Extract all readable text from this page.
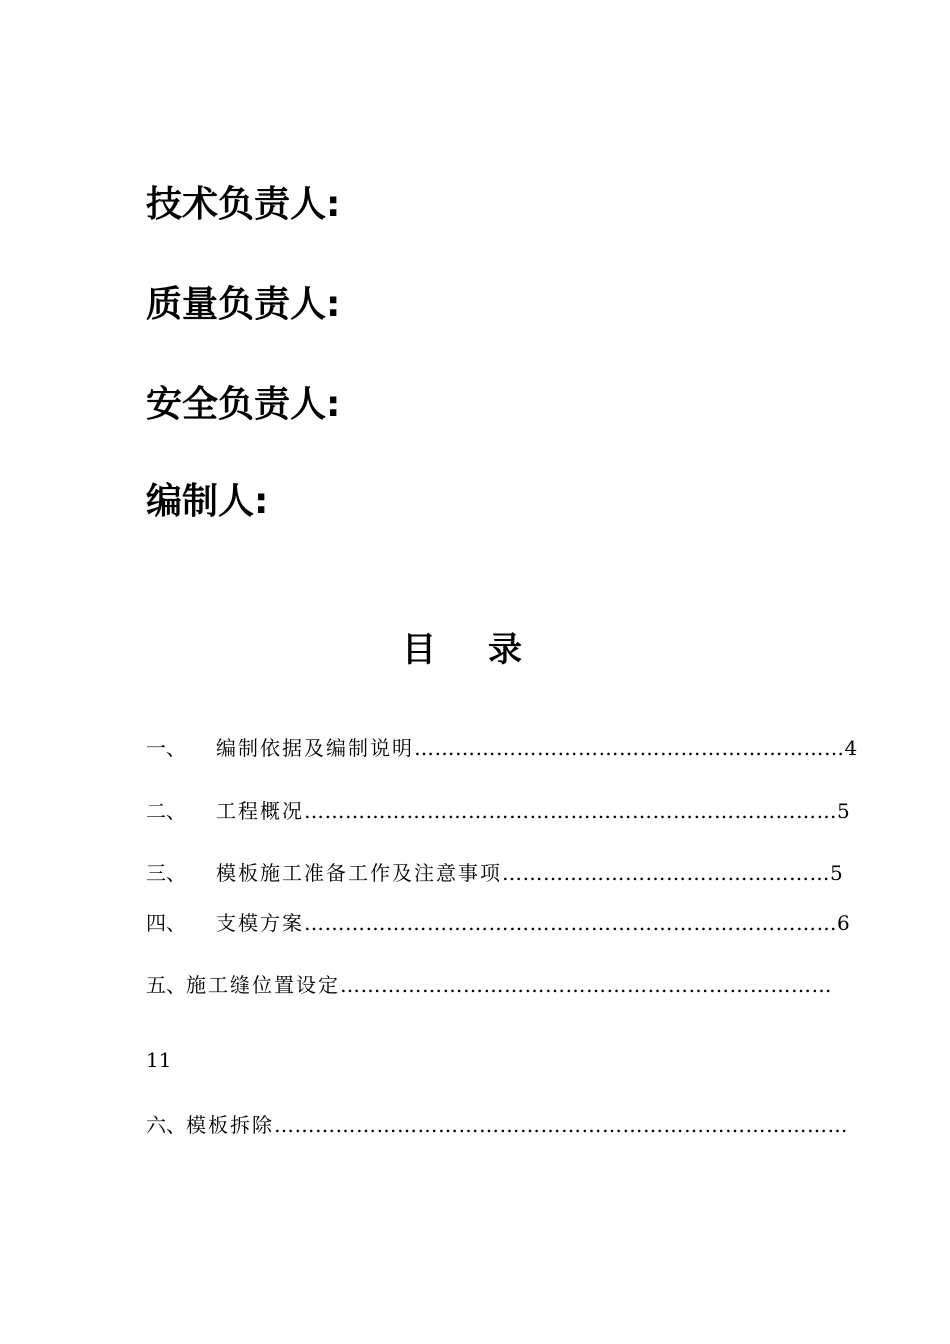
技术负责人:
质量负责人:
安全负责人:
编制人:
目录
一、 编制依据及编制说明………………………………………………………4
二、 工程概况……………………………………………………………………5
三、 模板施工准备工作及注意事项…………………………………………5
四、 支模方案……………………………………………………………………6
五、施工缝位置设定………………………………………………………………
11
六、模板拆除…………………………………………………………………………
